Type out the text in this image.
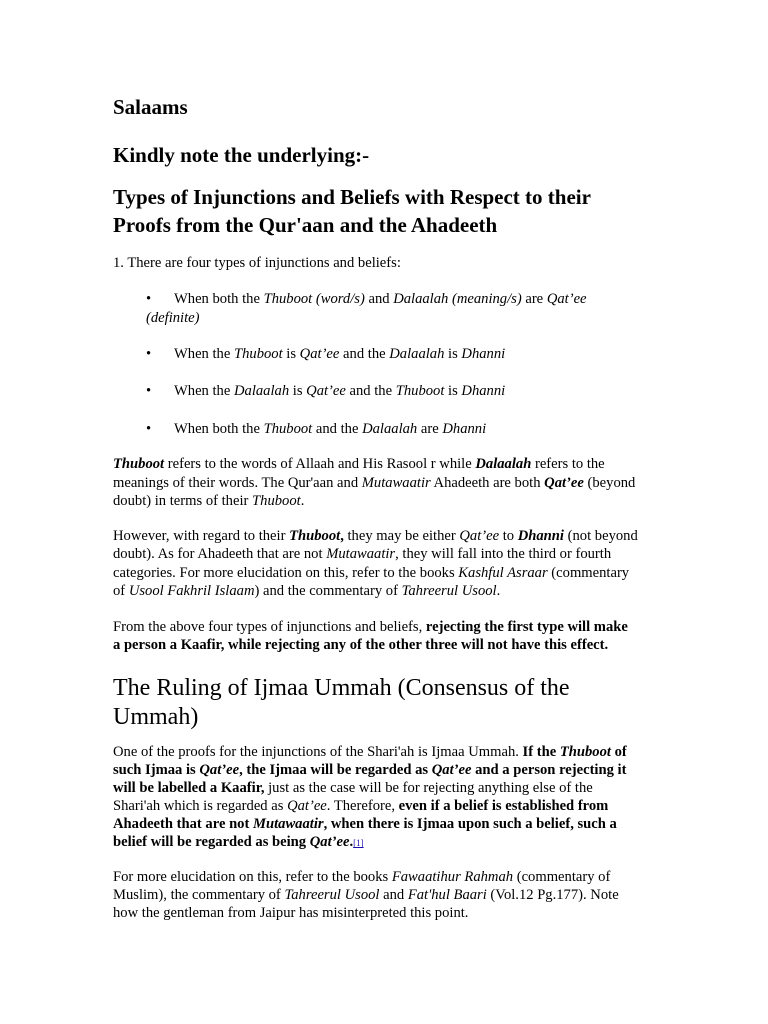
Salaams
Kindly note the underlying:-
Types of Injunctions and Beliefs with Respect to their
Proofs from the Qur'aan and the Ahadeeth
1. There are four types of injunctions and beliefs:
• When both the Thuboot (word/s) and Dalaalah (meaning/s) are Qat’ee
(definite)
• When the Thuboot is Qat’ee and the Dalaalah is Dhanni
• When the Dalaalah is Qat’ee and the Thuboot is Dhanni
• When both the Thuboot and the Dalaalah are Dhanni
Thuboot refers to the words of Allaah and His Rasool r while Dalaalah refers to the
meanings of their words. The Qur'aan and Mutawaatir Ahadeeth are both Qat’ee (beyond
doubt) in terms of their Thuboot.
However, with regard to their Thuboot, they may be either Qat’ee to Dhanni (not beyond
doubt). As for Ahadeeth that are not Mutawaatir, they will fall into the third or fourth
categories. For more elucidation on this, refer to the books Kashful Asraar (commentary
of Usool Fakhril Islaam) and the commentary of Tahreerul Usool.
From the above four types of injunctions and beliefs, rejecting the first type will make
a person a Kaafir, while rejecting any of the other three will not have this effect.
The Ruling of Ijmaa Ummah (Consensus of the
Ummah)
One of the proofs for the injunctions of the Shari'ah is Ijmaa Ummah. If the Thuboot of
such Ijmaa is Qat’ee, the Ijmaa will be regarded as Qat’ee and a person rejecting it
will be labelled a Kaafir, just as the case will be for rejecting anything else of the
Shari'ah which is regarded as Qat’ee. Therefore, even if a belief is established from
Ahadeeth that are not Mutawaatir, when there is Ijmaa upon such a belief, such a
belief will be regarded as being Qat’ee.[1]
For more elucidation on this, refer to the books Fawaatihur Rahmah (commentary of
Muslim), the commentary of Tahreerul Usool and Fat'hul Baari (Vol.12 Pg.177). Note
how the gentleman from Jaipur has misinterpreted this point.
